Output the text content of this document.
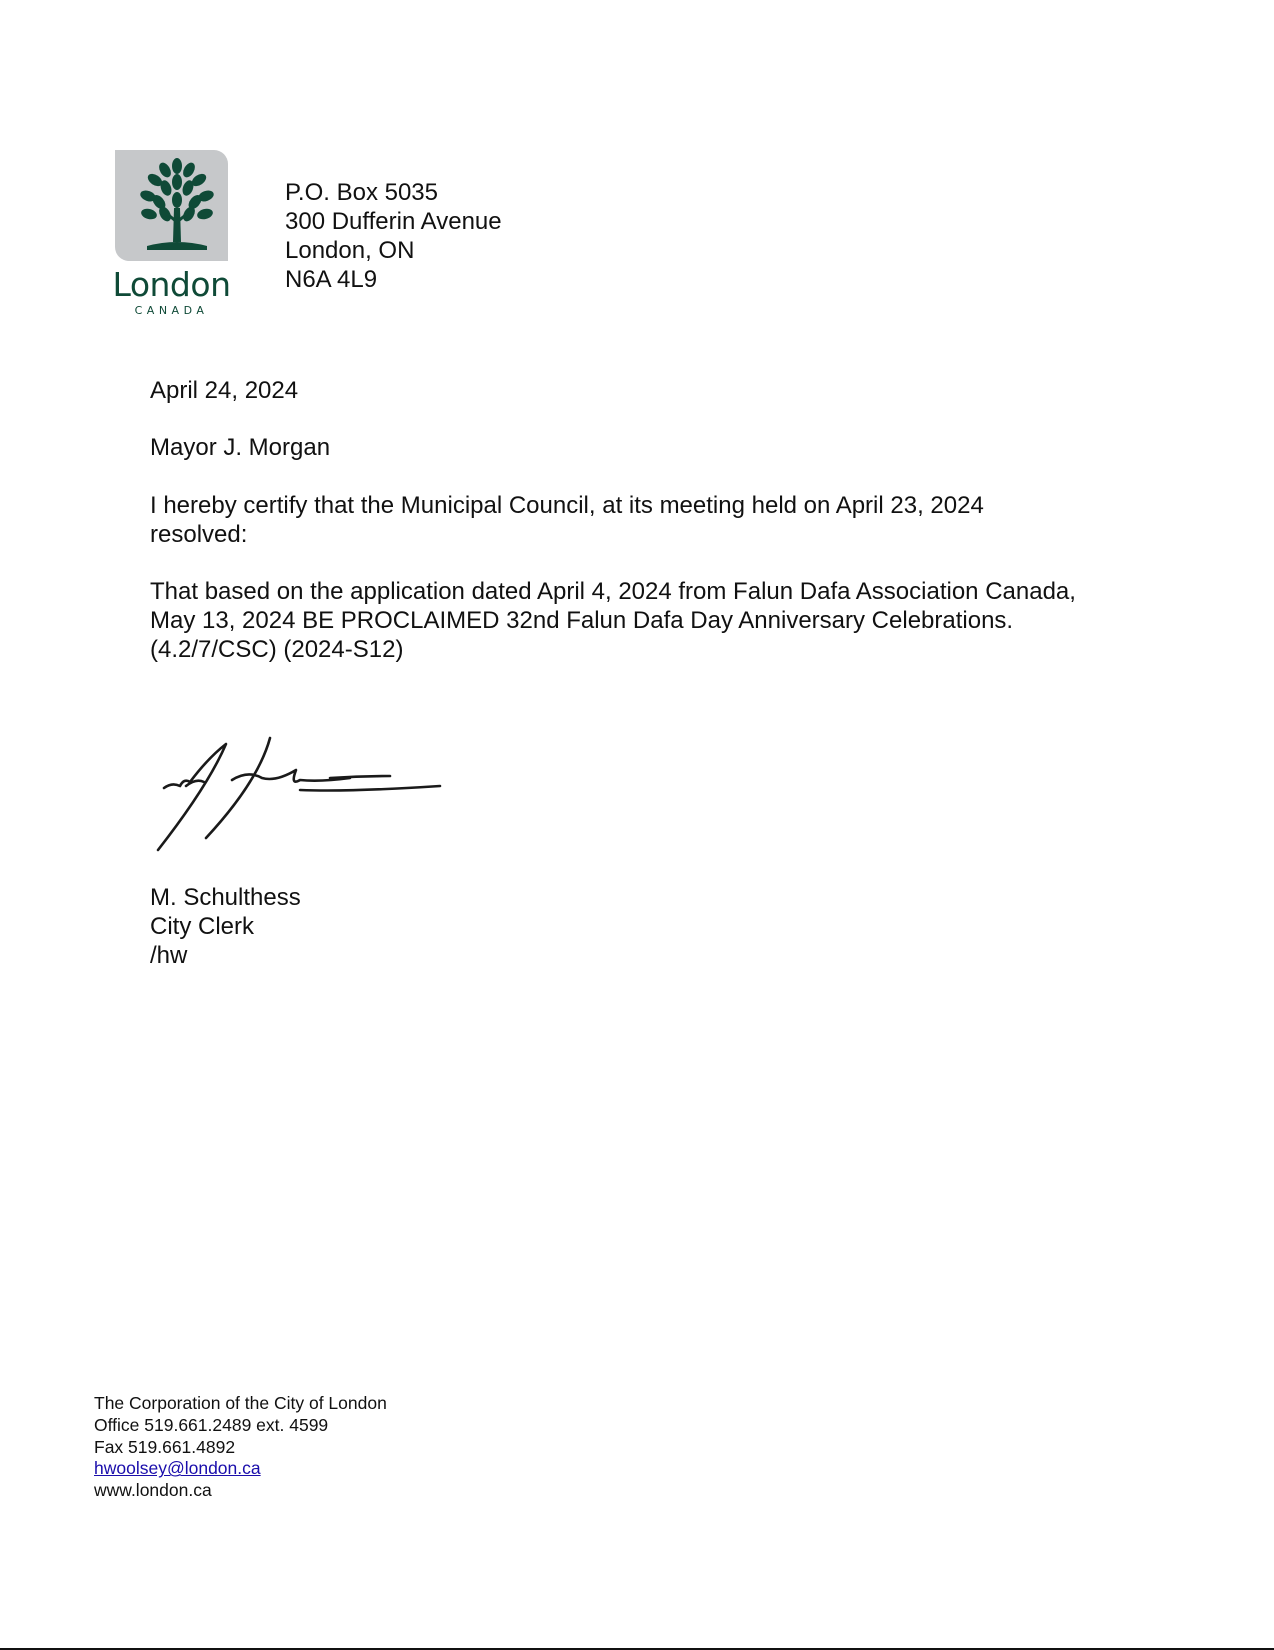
London
CANADA
P.O. Box 5035
300 Dufferin Avenue
London, ON
N6A 4L9
April 24, 2024
Mayor J. Morgan
I hereby certify that the Municipal Council, at its meeting held on April 23, 2024
resolved:
That based on the application dated April 4, 2024 from Falun Dafa Association Canada,
May 13, 2024 BE PROCLAIMED 32nd Falun Dafa Day Anniversary Celebrations.
(4.2/7/CSC) (2024-S12)
M. Schulthess
City Clerk
/hw
The Corporation of the City of London
Office 519.661.2489 ext. 4599
Fax 519.661.4892
hwoolsey@london.ca
www.london.ca
